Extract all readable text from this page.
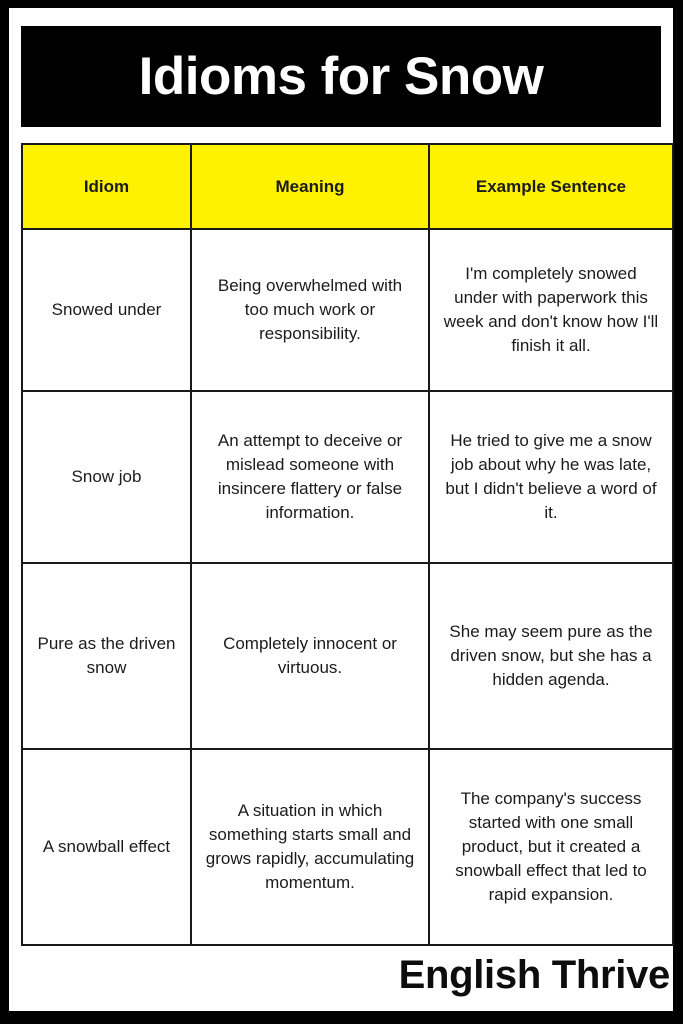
Idioms for Snow
Idiom	Meaning	Example Sentence
Snowed under	Being overwhelmed with too much work or responsibility.	I'm completely snowed under with paperwork this week and don't know how I'll finish it all.
Snow job	An attempt to deceive or mislead someone with insincere flattery or false information.	He tried to give me a snow job about why he was late, but I didn't believe a word of it.
Pure as the driven snow	Completely innocent or virtuous.	She may seem pure as the driven snow, but she has a hidden agenda.
A snowball effect	A situation in which something starts small and grows rapidly, accumulating momentum.	The company's success started with one small product, but it created a snowball effect that led to rapid expansion.
English Thrive
